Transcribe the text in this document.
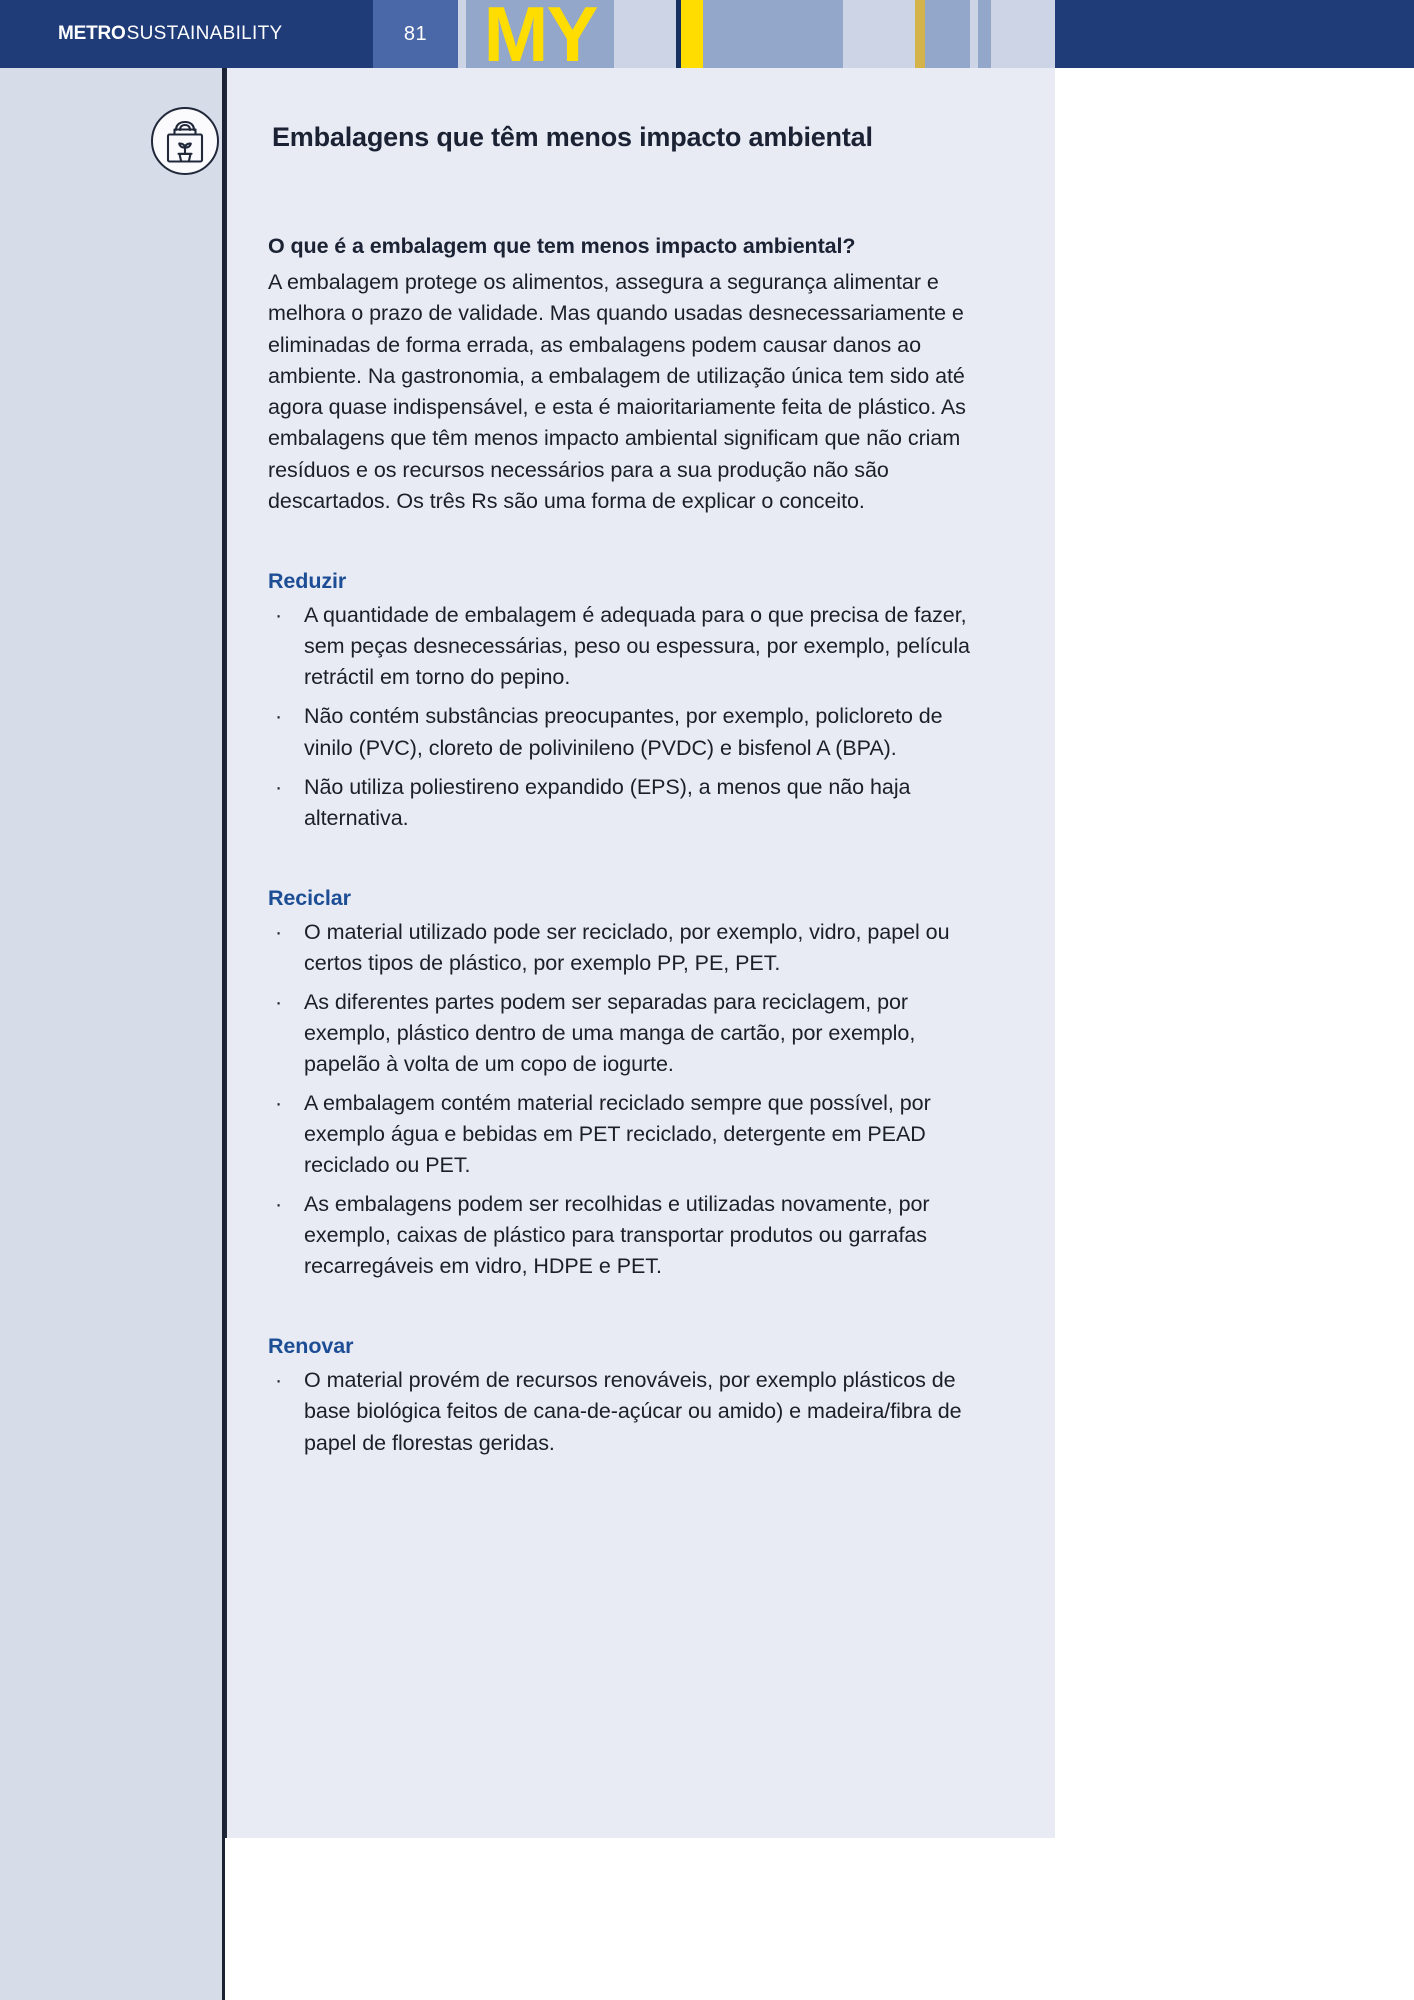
MY
METRO SUSTAINABILITY	81
Embalagens que têm menos impacto ambiental
O que é a embalagem que tem menos impacto ambiental?

A embalagem protege os alimentos, assegura a segurança alimentar e melhora o prazo de validade. Mas quando usadas desnecessariamente e eliminadas de forma errada, as embalagens podem causar danos ao ambiente. Na gastronomia, a embalagem de utilização única tem sido até agora quase indispensável, e esta é maioritariamente feita de plástico. As embalagens que têm menos impacto ambiental significam que não criam resíduos e os recursos necessários para a sua produção não são descartados. Os três Rs são uma forma de explicar o conceito.

Reduzir
· A quantidade de embalagem é adequada para o que precisa de fazer, sem peças desnecessárias, peso ou espessura, por exemplo, película retráctil em torno do pepino.
· Não contém substâncias preocupantes, por exemplo, policloreto de vinilo (PVC), cloreto de polivinileno (PVDC) e bisfenol A (BPA).
· Não utiliza poliestireno expandido (EPS), a menos que não haja alternativa.
Reciclar
· O material utilizado pode ser reciclado, por exemplo, vidro, papel ou certos tipos de plástico, por exemplo PP, PE, PET.
· As diferentes partes podem ser separadas para reciclagem, por exemplo, plástico dentro de uma manga de cartão, por exemplo, papelão à volta de um copo de iogurte.
· A embalagem contém material reciclado sempre que possível, por exemplo água e bebidas em PET reciclado, detergente em PEAD reciclado ou PET.
· As embalagens podem ser recolhidas e utilizadas novamente, por exemplo, caixas de plástico para transportar produtos ou garrafas recarregáveis em vidro, HDPE e PET.
Renovar
· O material provém de recursos renováveis, por exemplo plásticos de base biológica feitos de cana-de-açúcar ou amido) e madeira/fibra de papel de florestas geridas.
